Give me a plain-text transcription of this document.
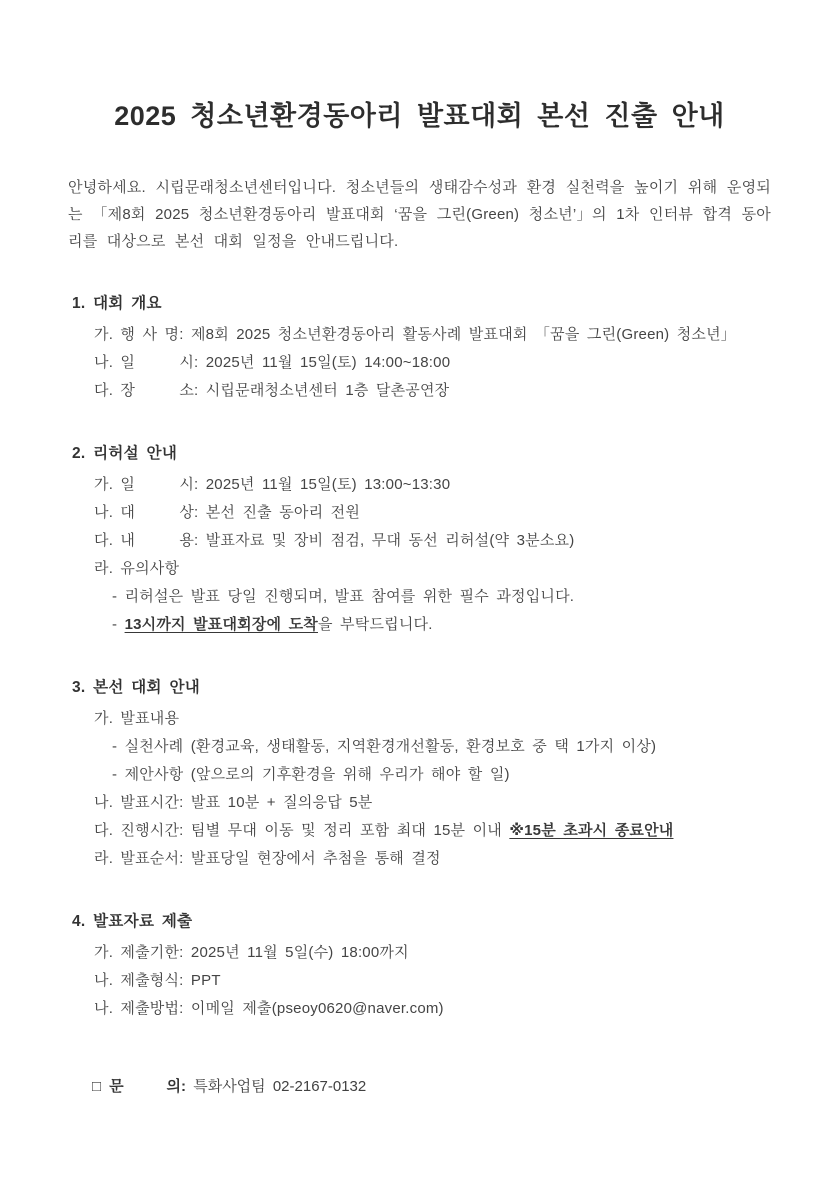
2025 청소년환경동아리 발표대회 본선 진출 안내

안녕하세요. 시립문래청소년센터입니다. 청소년들의 생태감수성과 환경 실천력을 높이기 위해 운영되는 「제8회 2025 청소년환경동아리 발표대회 ‘꿈을 그린(Green) 청소년’」의 1차 인터뷰 합격 동아리를 대상으로 본선 대회 일정을 안내드립니다.

1. 대회 개요
가. 행 사 명: 제8회 2025 청소년환경동아리 활동사례 발표대회 「꿈을 그린(Green) 청소년」
나. 일      시: 2025년 11월 15일(토) 14:00~18:00
다. 장      소: 시립문래청소년센터 1층 달촌공연장
2. 리허설 안내
가. 일      시: 2025년 11월 15일(토) 13:00~13:30
나. 대      상: 본선 진출 동아리 전원
다. 내      용: 발표자료 및 장비 점검, 무대 동선 리허설(약 3분소요)
라. 유의사항
- 리허설은 발표 당일 진행되며, 발표 참여를 위한 필수 과정입니다.
- 13시까지 발표대회장에 도착을 부탁드립니다.
3. 본선 대회 안내
가. 발표내용
- 실천사례 (환경교육, 생태활동, 지역환경개선활동, 환경보호 중 택 1가지 이상)
- 제안사항 (앞으로의 기후환경을 위해 우리가 해야 할 일)
나. 발표시간: 발표 10분 + 질의응답 5분
다. 진행시간: 팀별 무대 이동 및 정리 포함 최대 15분 이내 ※15분 초과시 종료안내
라. 발표순서: 발표당일 현장에서 추첨을 통해 결정
4. 발표자료 제출
가. 제출기한: 2025년 11월 5일(수) 18:00까지
나. 제출형식: PPT
나. 제출방법: 이메일 제출(pseoy0620@naver.com)
□ 문      의: 특화사업팀 02-2167-0132
